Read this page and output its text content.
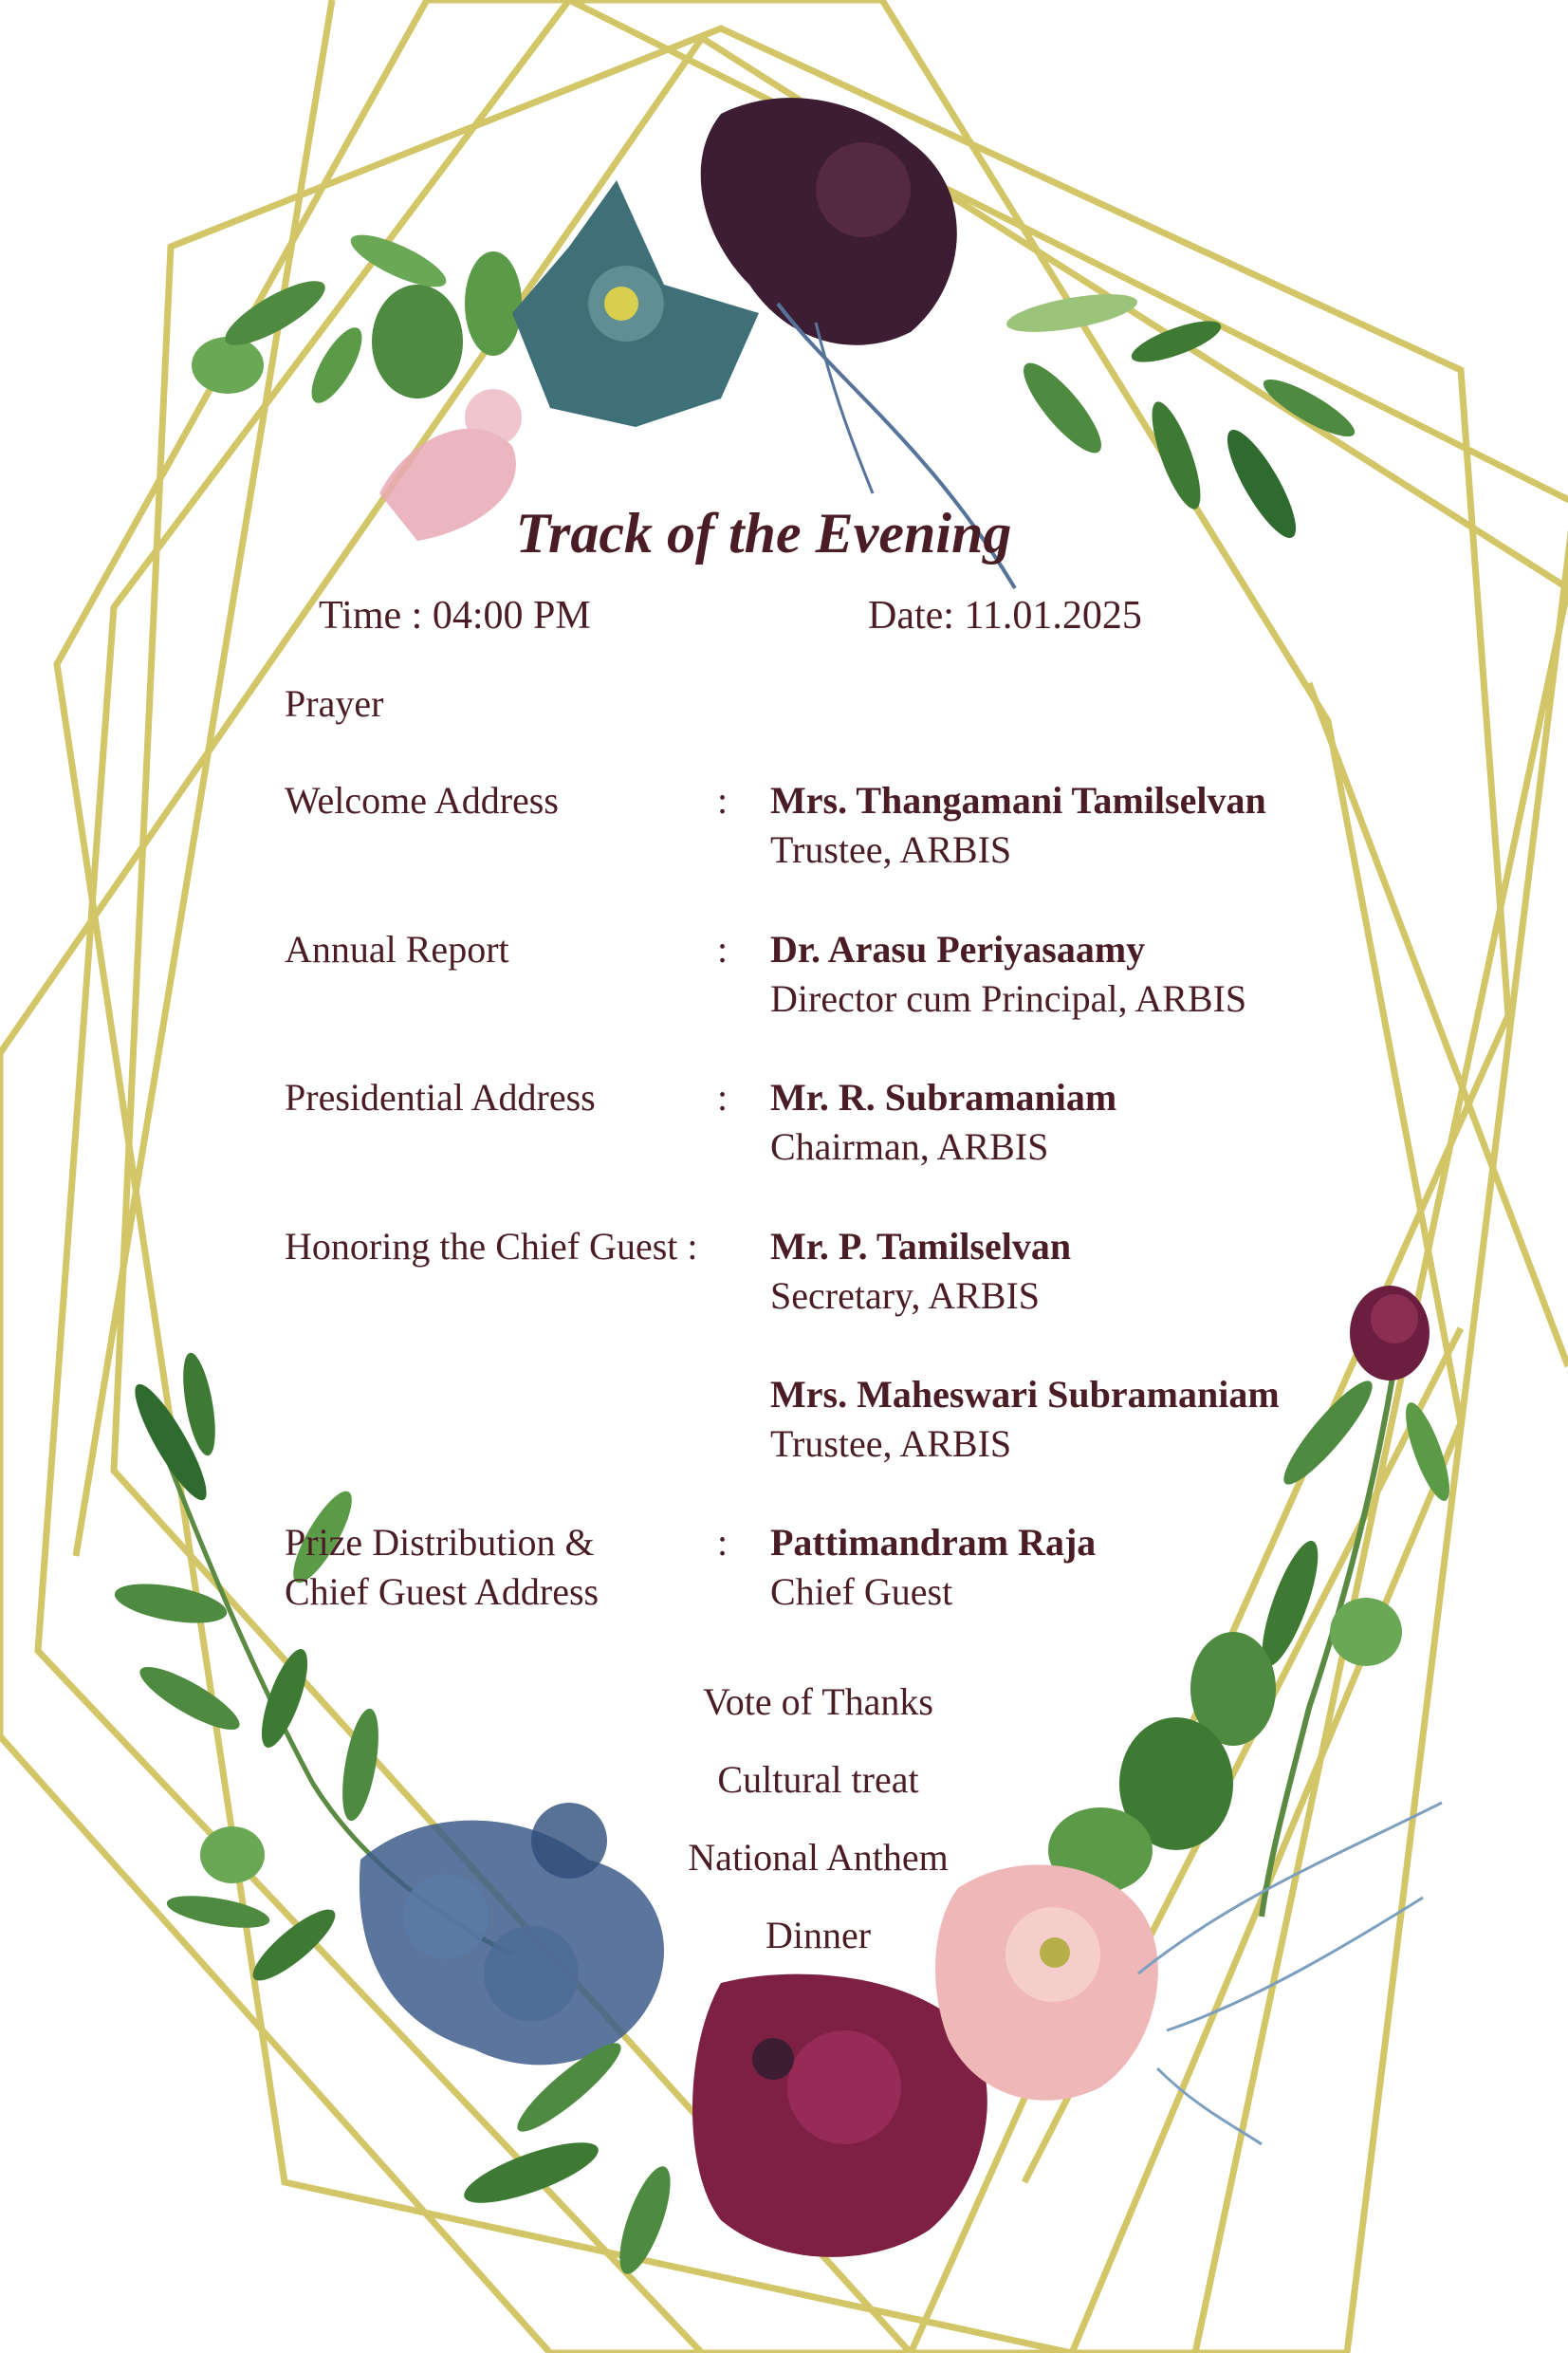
Track of the Evening
Time : 04:00 PM	Date: 11.01.2025
Prayer
Welcome Address	: Mrs. Thangamani Tamilselvan
Trustee, ARBIS
Annual Report	: Dr. Arasu Periyasaamy
Director cum Principal, ARBIS
Presidential Address	: Mr. R. Subramaniam
Chairman, ARBIS
Honoring the Chief Guest : Mr. P. Tamilselvan
Secretary, ARBIS
Mrs. Maheswari Subramaniam
Trustee, ARBIS
Prize Distribution &
Chief Guest Address
: Pattimandram Raja
Chief Guest
Vote of Thanks
Cultural treat
National Anthem
Dinner
